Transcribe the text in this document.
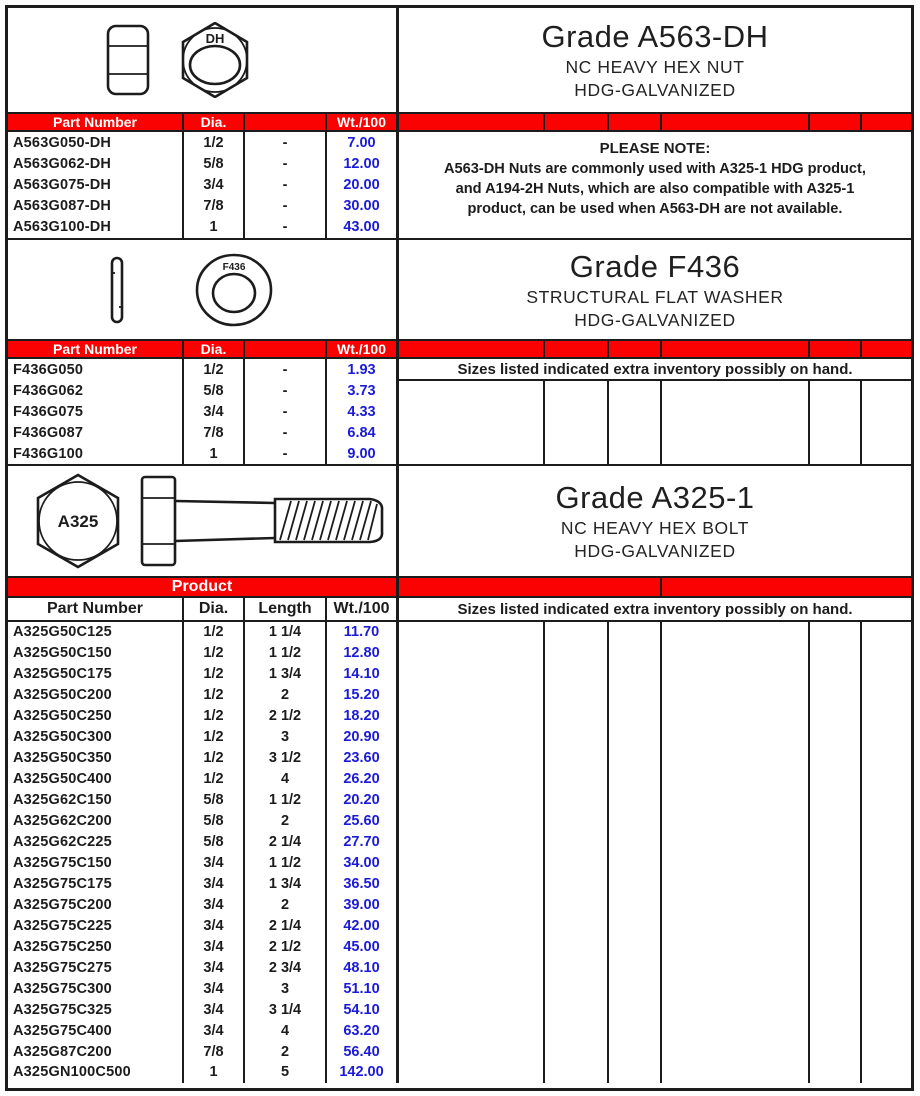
DH
Part Number	Dia.	Wt./100
A563G050-DH	1/2	-	7.00
A563G062-DH	5/8	-	12.00
A563G075-DH	3/4	-	20.00
A563G087-DH	7/8	-	30.00
A563G100-DH	1	-	43.00
Grade A563-DH
NC HEAVY HEX NUT
HDG-GALVANIZED
PLEASE NOTE:
A563-DH Nuts are commonly used with A325-1 HDG product,
and A194-2H Nuts, which are also compatible with A325-1
product, can be used when A563-DH are not available.
F436
Part Number	Dia.	Wt./100
F436G050	1/2	-	1.93
F436G062	5/8	-	3.73
F436G075	3/4	-	4.33
F436G087	7/8	-	6.84
F436G100	1	-	9.00
Grade F436
STRUCTURAL FLAT WASHER
HDG-GALVANIZED
Sizes listed indicated extra inventory possibly on hand.
A325
Product
Part Number	Dia.	Length	Wt./100
A325G50C125	1/2	1 1/4	11.70
A325G50C150	1/2	1 1/2	12.80
A325G50C175	1/2	1 3/4	14.10
A325G50C200	1/2	2	15.20
A325G50C250	1/2	2 1/2	18.20
A325G50C300	1/2	3	20.90
A325G50C350	1/2	3 1/2	23.60
A325G50C400	1/2	4	26.20
A325G62C150	5/8	1 1/2	20.20
A325G62C200	5/8	2	25.60
A325G62C225	5/8	2 1/4	27.70
A325G75C150	3/4	1 1/2	34.00
A325G75C175	3/4	1 3/4	36.50
A325G75C200	3/4	2	39.00
A325G75C225	3/4	2 1/4	42.00
A325G75C250	3/4	2 1/2	45.00
A325G75C275	3/4	2 3/4	48.10
A325G75C300	3/4	3	51.10
A325G75C325	3/4	3 1/4	54.10
A325G75C400	3/4	4	63.20
A325G87C200	7/8	2	56.40
A325GN100C500	1	5	142.00
Grade A325-1
NC HEAVY HEX BOLT
HDG-GALVANIZED
Sizes listed indicated extra inventory possibly on hand.
